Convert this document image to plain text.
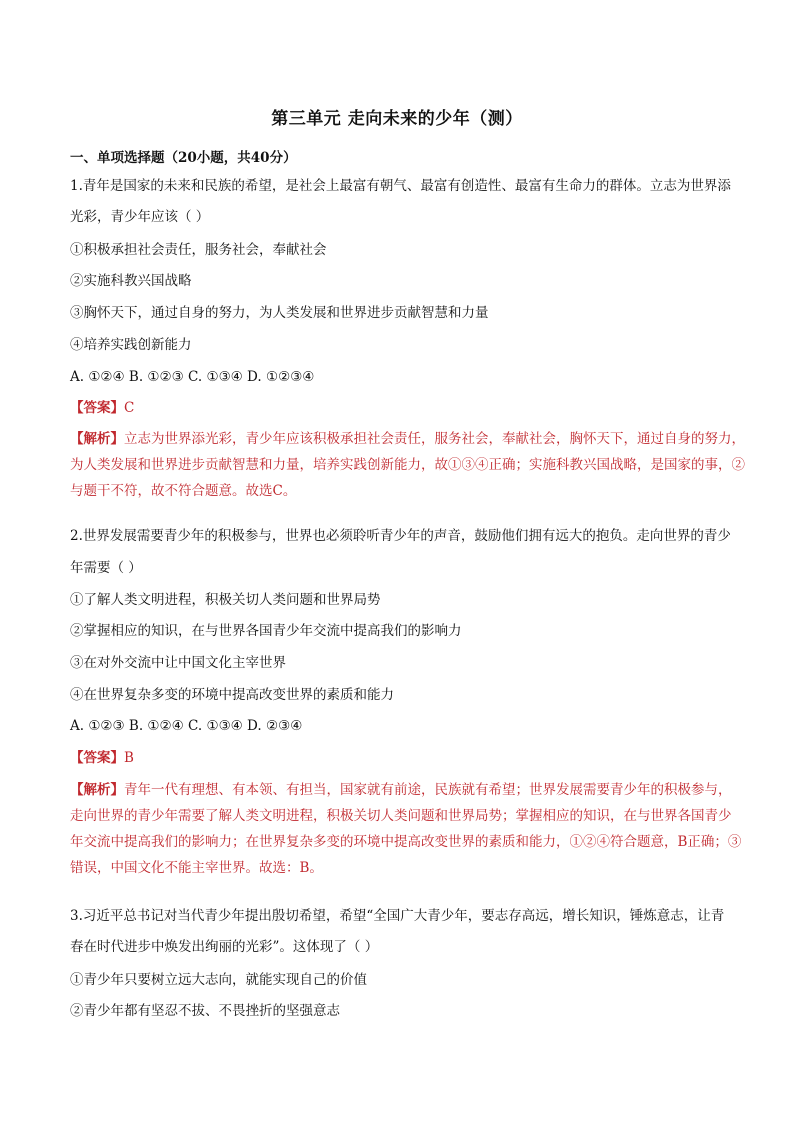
第三单元 走向未来的少年（测）
一、单项选择题（20小题，共40分）
1.青年是国家的未来和民族的希望，是社会上最富有朝气、最富有创造性、最富有生命力的群体。立志为世界添
光彩，青少年应该（ ）
①积极承担社会责任，服务社会，奉献社会
②实施科教兴国战略
③胸怀天下，通过自身的努力，为人类发展和世界进步贡献智慧和力量
④培养实践创新能力
A. ①②④ B. ①②③ C. ①③④ D. ①②③④
【答案】C
【解析】立志为世界添光彩，青少年应该积极承担社会责任，服务社会，奉献社会，胸怀天下，通过自身的努力，
为人类发展和世界进步贡献智慧和力量，培养实践创新能力，故①③④正确；实施科教兴国战略，是国家的事，②
与题干不符，故不符合题意。故选C。
2.世界发展需要青少年的积极参与，世界也必须聆听青少年的声音，鼓励他们拥有远大的抱负。走向世界的青少
年需要（ ）
①了解人类文明进程，积极关切人类问题和世界局势
②掌握相应的知识，在与世界各国青少年交流中提高我们的影响力
③在对外交流中让中国文化主宰世界
④在世界复杂多变的环境中提高改变世界的素质和能力
A. ①②③ B. ①②④ C. ①③④ D. ②③④
【答案】B
【解析】青年一代有理想、有本领、有担当，国家就有前途，民族就有希望；世界发展需要青少年的积极参与，
走向世界的青少年需要了解人类文明进程，积极关切人类问题和世界局势；掌握相应的知识，在与世界各国青少
年交流中提高我们的影响力；在世界复杂多变的环境中提高改变世界的素质和能力，①②④符合题意，B正确；③
错误，中国文化不能主宰世界。故选：B。
3.习近平总书记对当代青少年提出殷切希望，希望“全国广大青少年，要志存高远，增长知识，锤炼意志，让青
春在时代进步中焕发出绚丽的光彩”。这体现了（ ）
①青少年只要树立远大志向，就能实现自己的价值
②青少年都有坚忍不拔、不畏挫折的坚强意志
